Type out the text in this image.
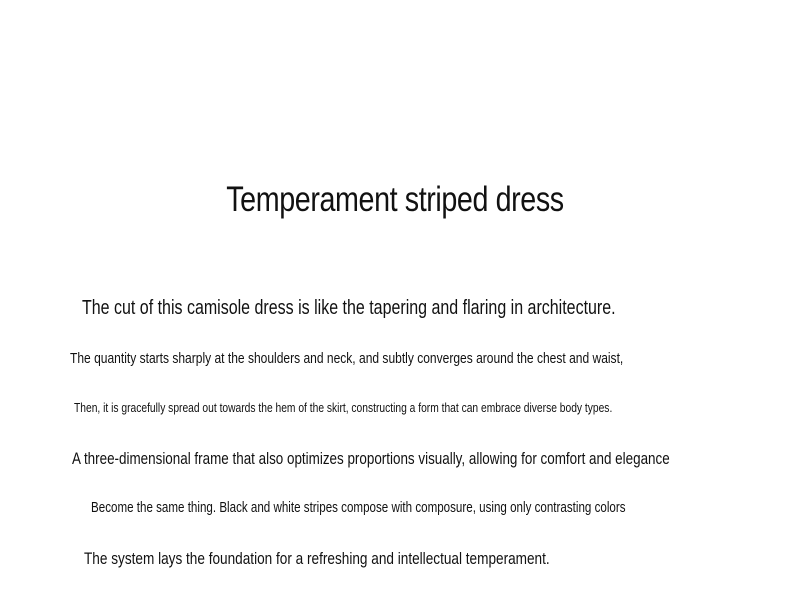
Temperament striped dress

The cut of this camisole dress is like the tapering and flaring in architecture.

The quantity starts sharply at the shoulders and neck, and subtly converges around the chest and waist,

Then, it is gracefully spread out towards the hem of the skirt, constructing a form that can embrace diverse body types.

A three-dimensional frame that also optimizes proportions visually, allowing for comfort and elegance

Become the same thing. Black and white stripes compose with composure, using only contrasting colors

The system lays the foundation for a refreshing and intellectual temperament.
